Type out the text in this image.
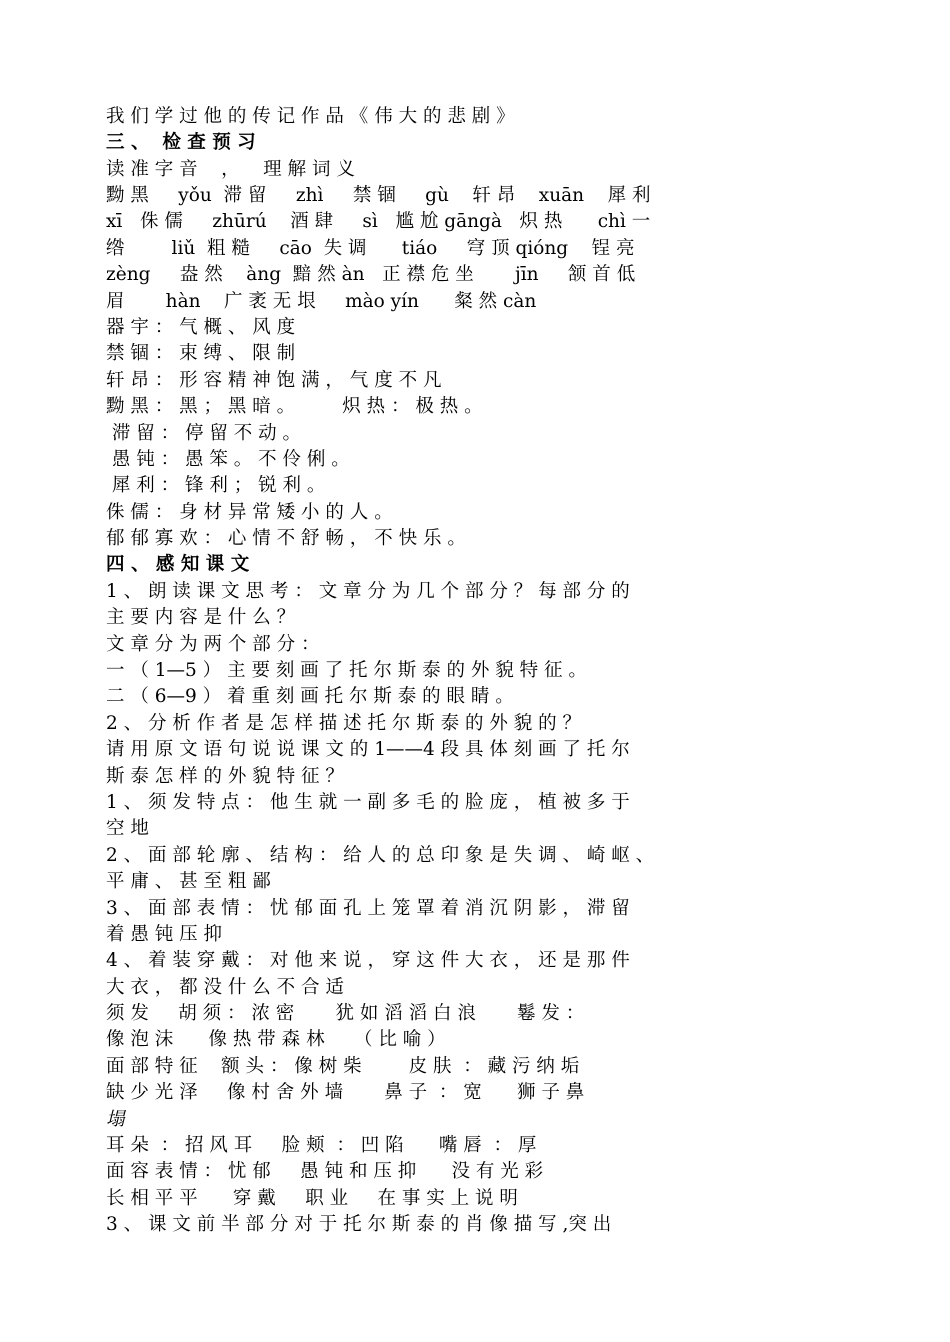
我 们 学 过 他 的 传 记 作 品 《 伟 大 的 悲 剧 》
三 、  检 查 预 习
读 准 字 音    ，    理 解 词 义
黝 黑     yǒu  滞 留     zhì     禁 锢     gù    轩 昂    xuān    犀 利
xī   侏 儒     zhūrú    酒 肆     sì   尴 尬 gāngà   炽 热      chì 一
绺        liǔ  粗 糙     cāo  失 调      tiáo     穹 顶 qióng    锃 亮
zèng     盎 然    àng  黯 然 àn   正 襟 危 坐       jīn     颔 首 低
眉       hàn    广 袤 无 垠     mào yín      粲 然 càn
器 宇 ： 气 概 、 风 度
禁 锢 ： 束 缚 、 限 制
轩 昂 ： 形 容 精 神 饱 满 ， 气 度 不 凡
黝 黑 ： 黑 ； 黑 暗 。        炽 热 ： 极 热 。
滞 留 ： 停 留 不 动 。
愚 钝 ： 愚 笨 。 不 伶 俐 。
犀 利 ： 锋 利 ； 锐 利 。
侏 儒 ： 身 材 异 常 矮 小 的 人 。
郁 郁 寡 欢 ： 心 情 不 舒 畅 ， 不 快 乐 。
四 、 感 知 课 文
1 、 朗 读 课 文 思 考 ： 文 章 分 为 几 个 部 分 ？ 每 部 分 的
主 要 内 容 是 什 么 ？
文 章 分 为 两 个 部 分 ：
一 （ 1—5 ） 主 要 刻 画 了 托 尔 斯 泰 的 外 貌 特 征 。
二 （ 6—9 ） 着 重 刻 画 托 尔 斯 泰 的 眼 睛 。
2 、 分 析 作 者 是 怎 样 描 述 托 尔 斯 泰 的 外 貌 的 ？
请 用 原 文 语 句 说 说 课 文 的 1——4 段 具 体 刻 画 了 托 尔
斯 泰 怎 样 的 外 貌 特 征 ？
1 、 须 发 特 点 ： 他 生 就 一 副 多 毛 的 脸 庞 ， 植 被 多 于
空 地
2 、 面 部 轮 廓 、 结 构 ： 给 人 的 总 印 象 是 失 调 、 崎 岖 、
平 庸 、 甚 至 粗 鄙
3 、 面 部 表 情 ： 忧 郁 面 孔 上 笼 罩 着 消 沉 阴 影 ， 滞 留
着 愚 钝 压 抑
4 、 着 装 穿 戴 ： 对 他 来 说 ， 穿 这 件 大 衣 ， 还 是 那 件
大 衣 ， 都 没 什 么 不 合 适
须 发     胡 须 ： 浓 密       犹 如 滔 滔 白 浪       鬈 发 ：
像 泡 沫      像 热 带 森 林     （ 比 喻 ）
面 部 特 征    额 头 ： 像 树 柴        皮 肤  ： 藏 污 纳 垢
缺 少 光 泽     像 村 舍 外 墙       鼻 子  ： 宽      狮 子 鼻
塌
耳 朵  ： 招 风 耳     脸 颊  ： 凹 陷      嘴 唇  ： 厚
面 容 表 情 ： 忧 郁     愚 钝 和 压 抑      没 有 光 彩
长 相 平 平      穿 戴     职 业     在 事 实 上 说 明
3 、 课 文 前 半 部 分 对 于 托 尔 斯 泰 的 肖 像 描 写 ,突 出
